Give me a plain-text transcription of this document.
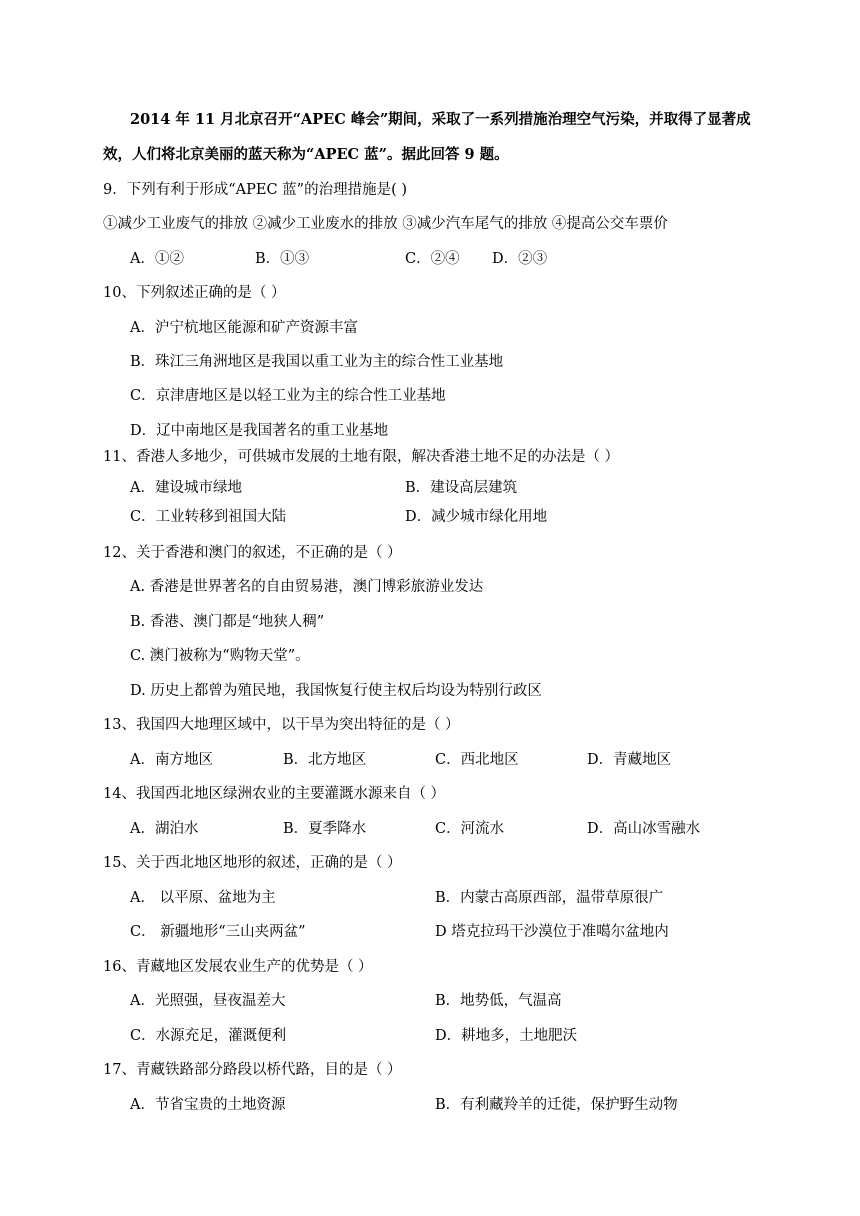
2014 年 11 月北京召开“APEC 峰会”期间，采取了一系列措施治理空气污染，并取得了显著成
效，人们将北京美丽的蓝天称为“APEC 蓝”。据此回答 9 题。
9．下列有利于形成“APEC 蓝”的治理措施是( )
①减少工业废气的排放 ②减少工业废水的排放 ③减少汽车尾气的排放 ④提高公交车票价
A．①②	B．①③	C．②④ D．②③
10、下列叙述正确的是（ ）
A．沪宁杭地区能源和矿产资源丰富
B．珠江三角洲地区是我国以重工业为主的综合性工业基地
C．京津唐地区是以轻工业为主的综合性工业基地
D．辽中南地区是我国著名的重工业基地
11、香港人多地少，可供城市发展的土地有限，解决香港土地不足的办法是（ ）
A．建设城市绿地	B．建设高层建筑
C．工业转移到祖国大陆	D．减少城市绿化用地
12、关于香港和澳门的叙述，不正确的是（ ）
A. 香港是世界著名的自由贸易港，澳门博彩旅游业发达
B. 香港、澳门都是“地狭人稠”
C. 澳门被称为“购物天堂”。
D. 历史上都曾为殖民地，我国恢复行使主权后均设为特别行政区
13、我国四大地理区域中，以干旱为突出特征的是（ ）
A．南方地区	B．北方地区	C．西北地区	D．青藏地区
14、我国西北地区绿洲农业的主要灌溉水源来自（ ）
A．湖泊水	B．夏季降水	C．河流水	D．高山冰雪融水
15、关于西北地区地形的叙述，正确的是（ ）
A． 以平原、盆地为主	B．内蒙古高原西部，温带草原很广
C． 新疆地形“三山夹两盆”	D 塔克拉玛干沙漠位于准噶尔盆地内
16、青藏地区发展农业生产的优势是（ ）
A．光照强，昼夜温差大	B．地势低，气温高
C．水源充足，灌溉便利	D．耕地多，土地肥沃
17、青藏铁路部分路段以桥代路，目的是（ ）
A．节省宝贵的土地资源	B．有利藏羚羊的迁徙，保护野生动物
